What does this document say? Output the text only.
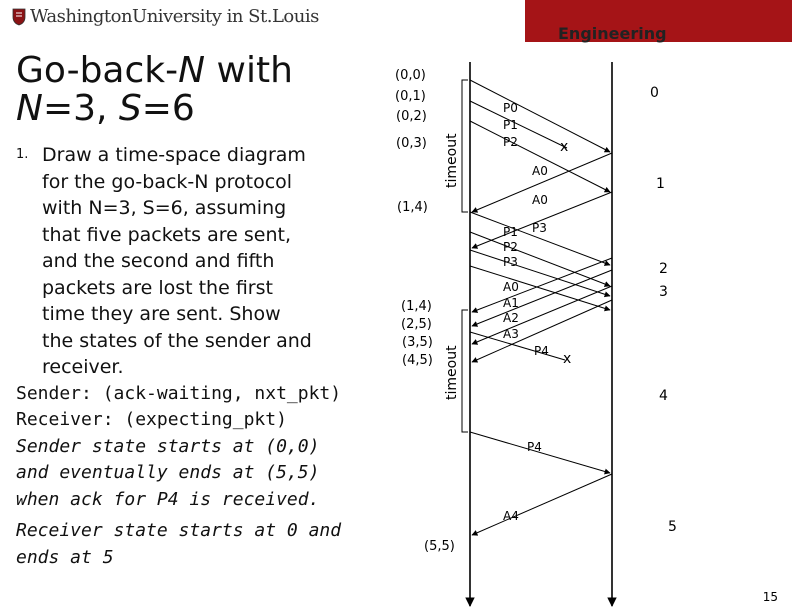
WashingtonUniversity in St.Louis
Engineering
Go-back-N with
N=3, S=6
1. Draw a time-space diagram
for the go-back-N protocol
with N=3, S=6, assuming
that five packets are sent,
and the second and fifth
packets are lost the first
time they are sent. Show
the states of the sender and
receiver.
Sender: (ack-waiting, nxt_pkt)
Receiver: (expecting_pkt)
Sender state starts at (0,0)
and eventually ends at (5,5)
when ack for P4 is received.
Receiver state starts at 0 and
ends at 5
timeout
timeout
(0,0)
(0,1)
(0,2)
(0,3)
(1,4)
(1,4)
(2,5)
(3,5)
(4,5)
(5,5)
0
1
2
3
4
5
P0
P1
P2	x
A0
A0
P1 P3
P2
P3
A0
A1
A2
A3
P4 x
P4
A4
15
